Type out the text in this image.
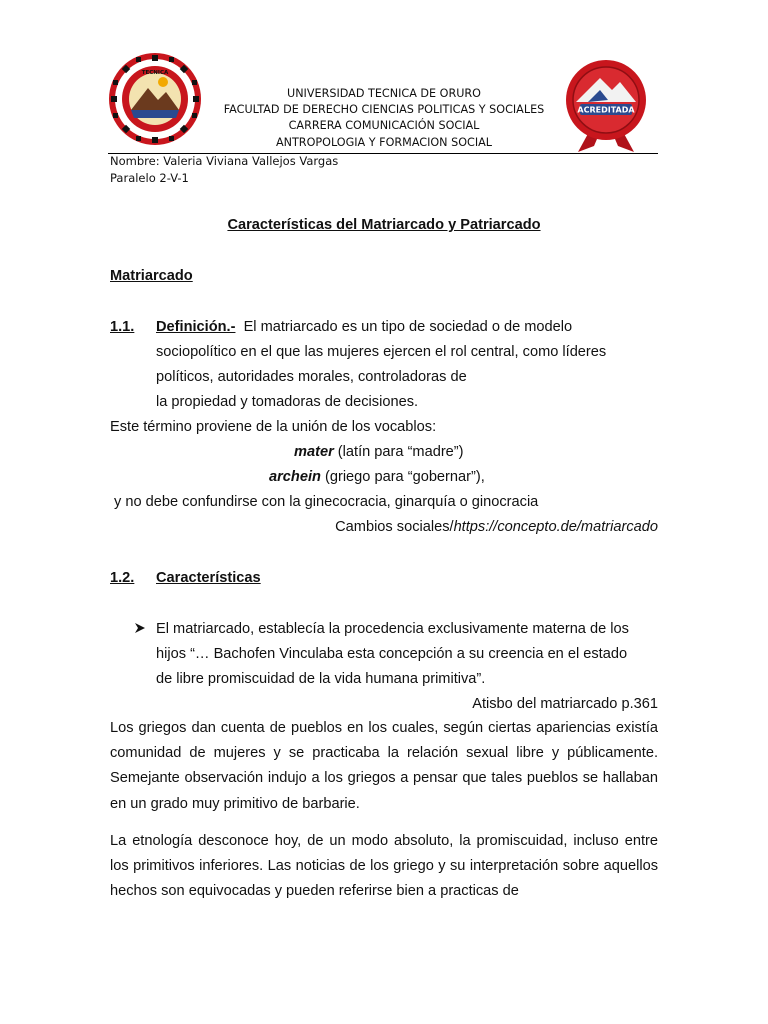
TECNICA
UNIVERSIDAD TECNICA DE ORURO
FACULTAD DE DERECHO CIENCIAS POLITICAS Y SOCIALES
CARRERA COMUNICACIÓN SOCIAL
ANTROPOLOGIA Y FORMACION SOCIAL
ACREDITADA
Nombre: Valeria Viviana Vallejos Vargas
Paralelo 2-V-1
Características del Matriarcado y Patriarcado
Matriarcado
1.1. Definición.- El matriarcado es un tipo de sociedad o de modelo
sociopolítico en el que las mujeres ejercen el rol central, como líderes
políticos, autoridades morales, controladoras de
la propiedad y tomadoras de decisiones.
Este término proviene de la unión de los vocablos:
mater (latín para “madre”)
archein (griego para “gobernar”),
y no debe confundirse con la ginecocracia, ginarquía o ginocracia
Cambios sociales/https://concepto.de/matriarcado
1.2. Características
El matriarcado, establecía la procedencia exclusivamente materna de los
hijos “… Bachofen Vinculaba esta concepción a su creencia en el estado
de libre promiscuidad de la vida humana primitiva”.
Atisbo del matriarcado p.361
Los griegos dan cuenta de pueblos en los cuales, según ciertas apariencias existía comunidad de mujeres y se practicaba la relación sexual libre y públicamente. Semejante observación indujo a los griegos a pensar que tales pueblos se hallaban en un grado muy primitivo de barbarie.
La etnología desconoce hoy, de un modo absoluto, la promiscuidad, incluso entre los primitivos inferiores. Las noticias de los griego y su interpretación sobre aquellos hechos son equivocadas y pueden referirse bien a practicas de
